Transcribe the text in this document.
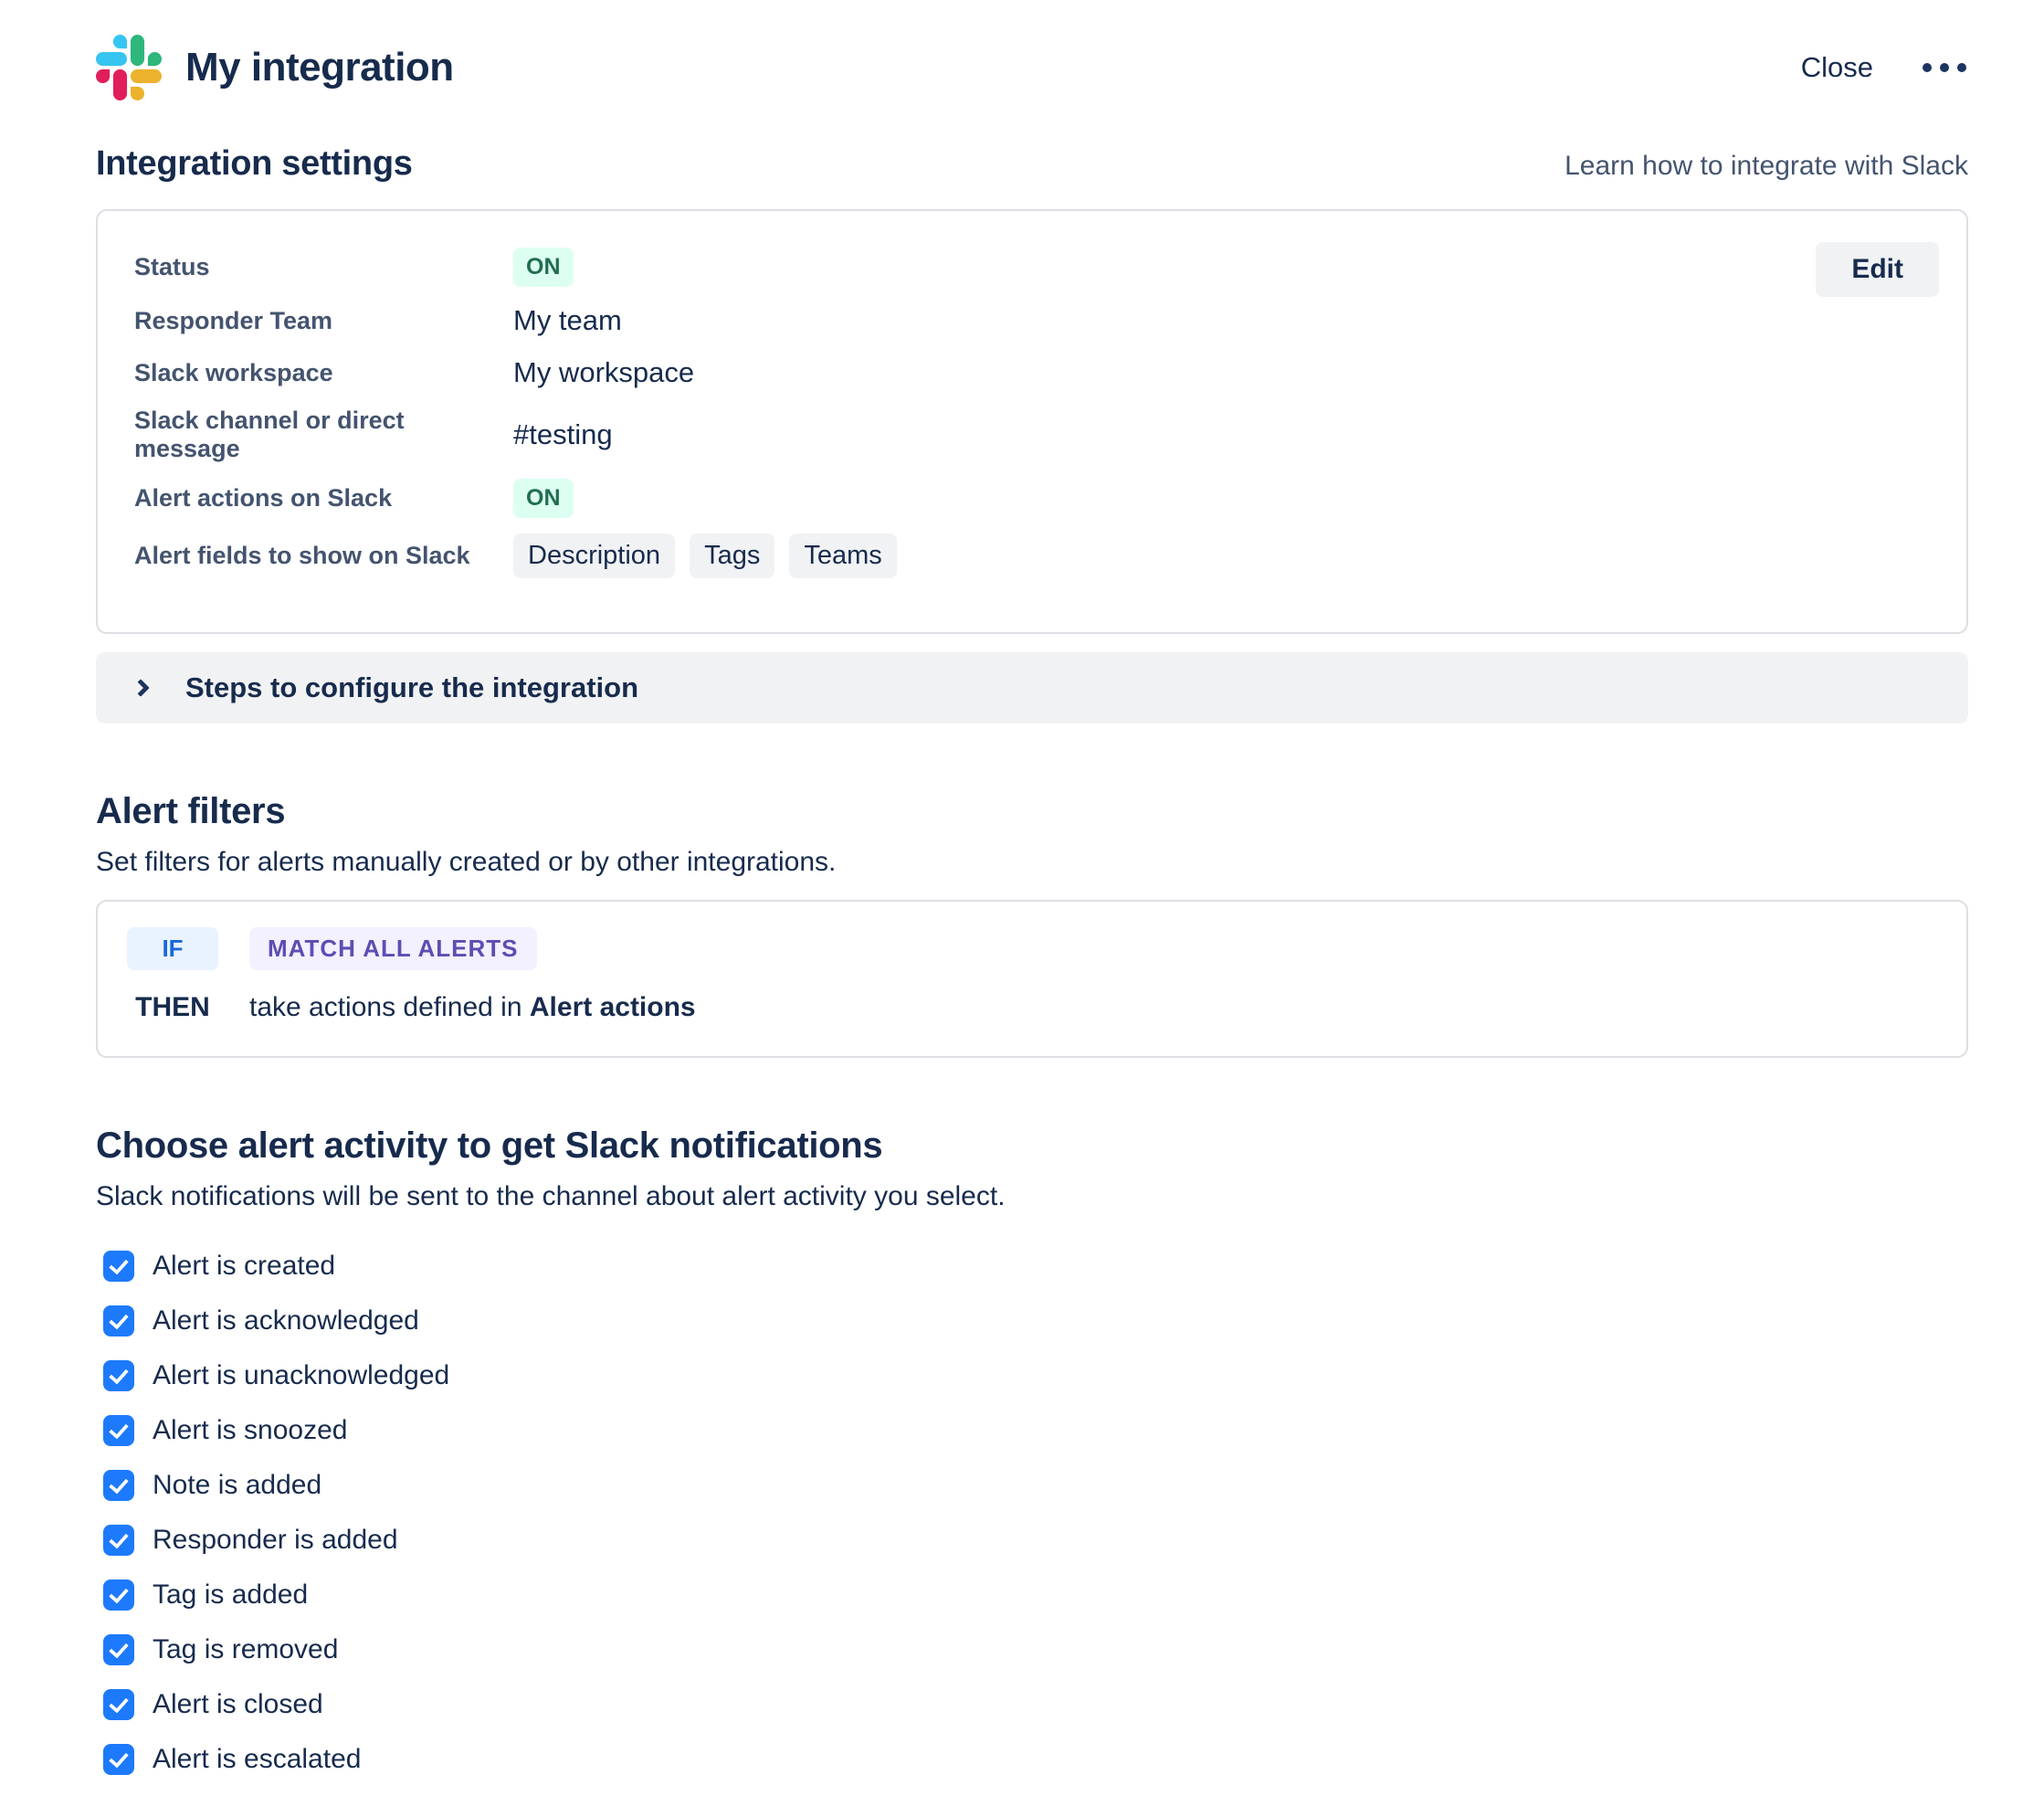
My integration	Close
Integration settings	Learn how to integrate with Slack
Status	ON
Responder Team	My team
Slack workspace	My workspace
Slack channel or direct message	#testing
Alert actions on Slack	ON
Alert fields to show on Slack	Description	Tags	Teams
Edit
Steps to configure the integration
Alert filters
Set filters for alerts manually created or by other integrations.
IF	MATCH ALL ALERTS
THEN	take actions defined in Alert actions
Choose alert activity to get Slack notifications
Slack notifications will be sent to the channel about alert activity you select.
Alert is created
Alert is acknowledged
Alert is unacknowledged
Alert is snoozed
Note is added
Responder is added
Tag is added
Tag is removed
Alert is closed
Alert is escalated
